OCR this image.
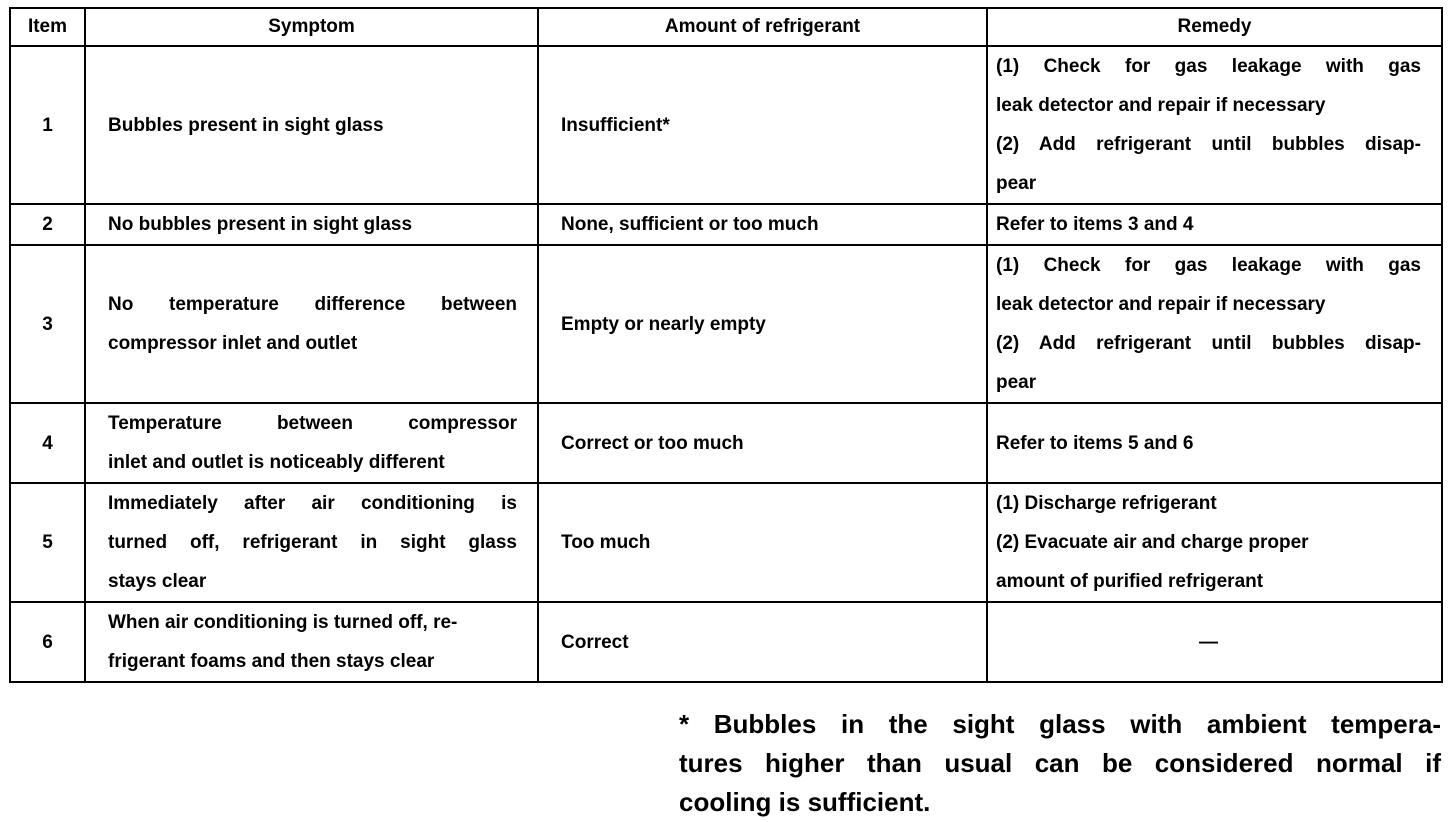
Item	Symptom	Amount of refrigerant	Remedy
1	Bubbles present in sight glass	Insufficient*	(1) Check for gas leakage with gas
leak detector and repair if necessary
(2) Add refrigerant until bubbles disap-
pear

2	No bubbles present in sight glass	None, sufficient or too much	Refer to items 3 and 4
3	No temperature difference between
compressor inlet and outlet	Empty or nearly empty	(1) Check for gas leakage with gas
leak detector and repair if necessary
(2) Add refrigerant until bubbles disap-
pear

4	Temperature between compressor
inlet and outlet is noticeably different	Correct or too much	Refer to items 5 and 6
5	Immediately after air conditioning is
turned off, refrigerant in sight glass
stays clear	Too much	(1) Discharge refrigerant
(2) Evacuate air and charge proper
amount of purified refrigerant

6	When air conditioning is turned off, re-
frigerant foams and then stays clear	Correct	—
* Bubbles in the sight glass with ambient tempera-
tures higher than usual can be considered normal if
cooling is sufficient.
